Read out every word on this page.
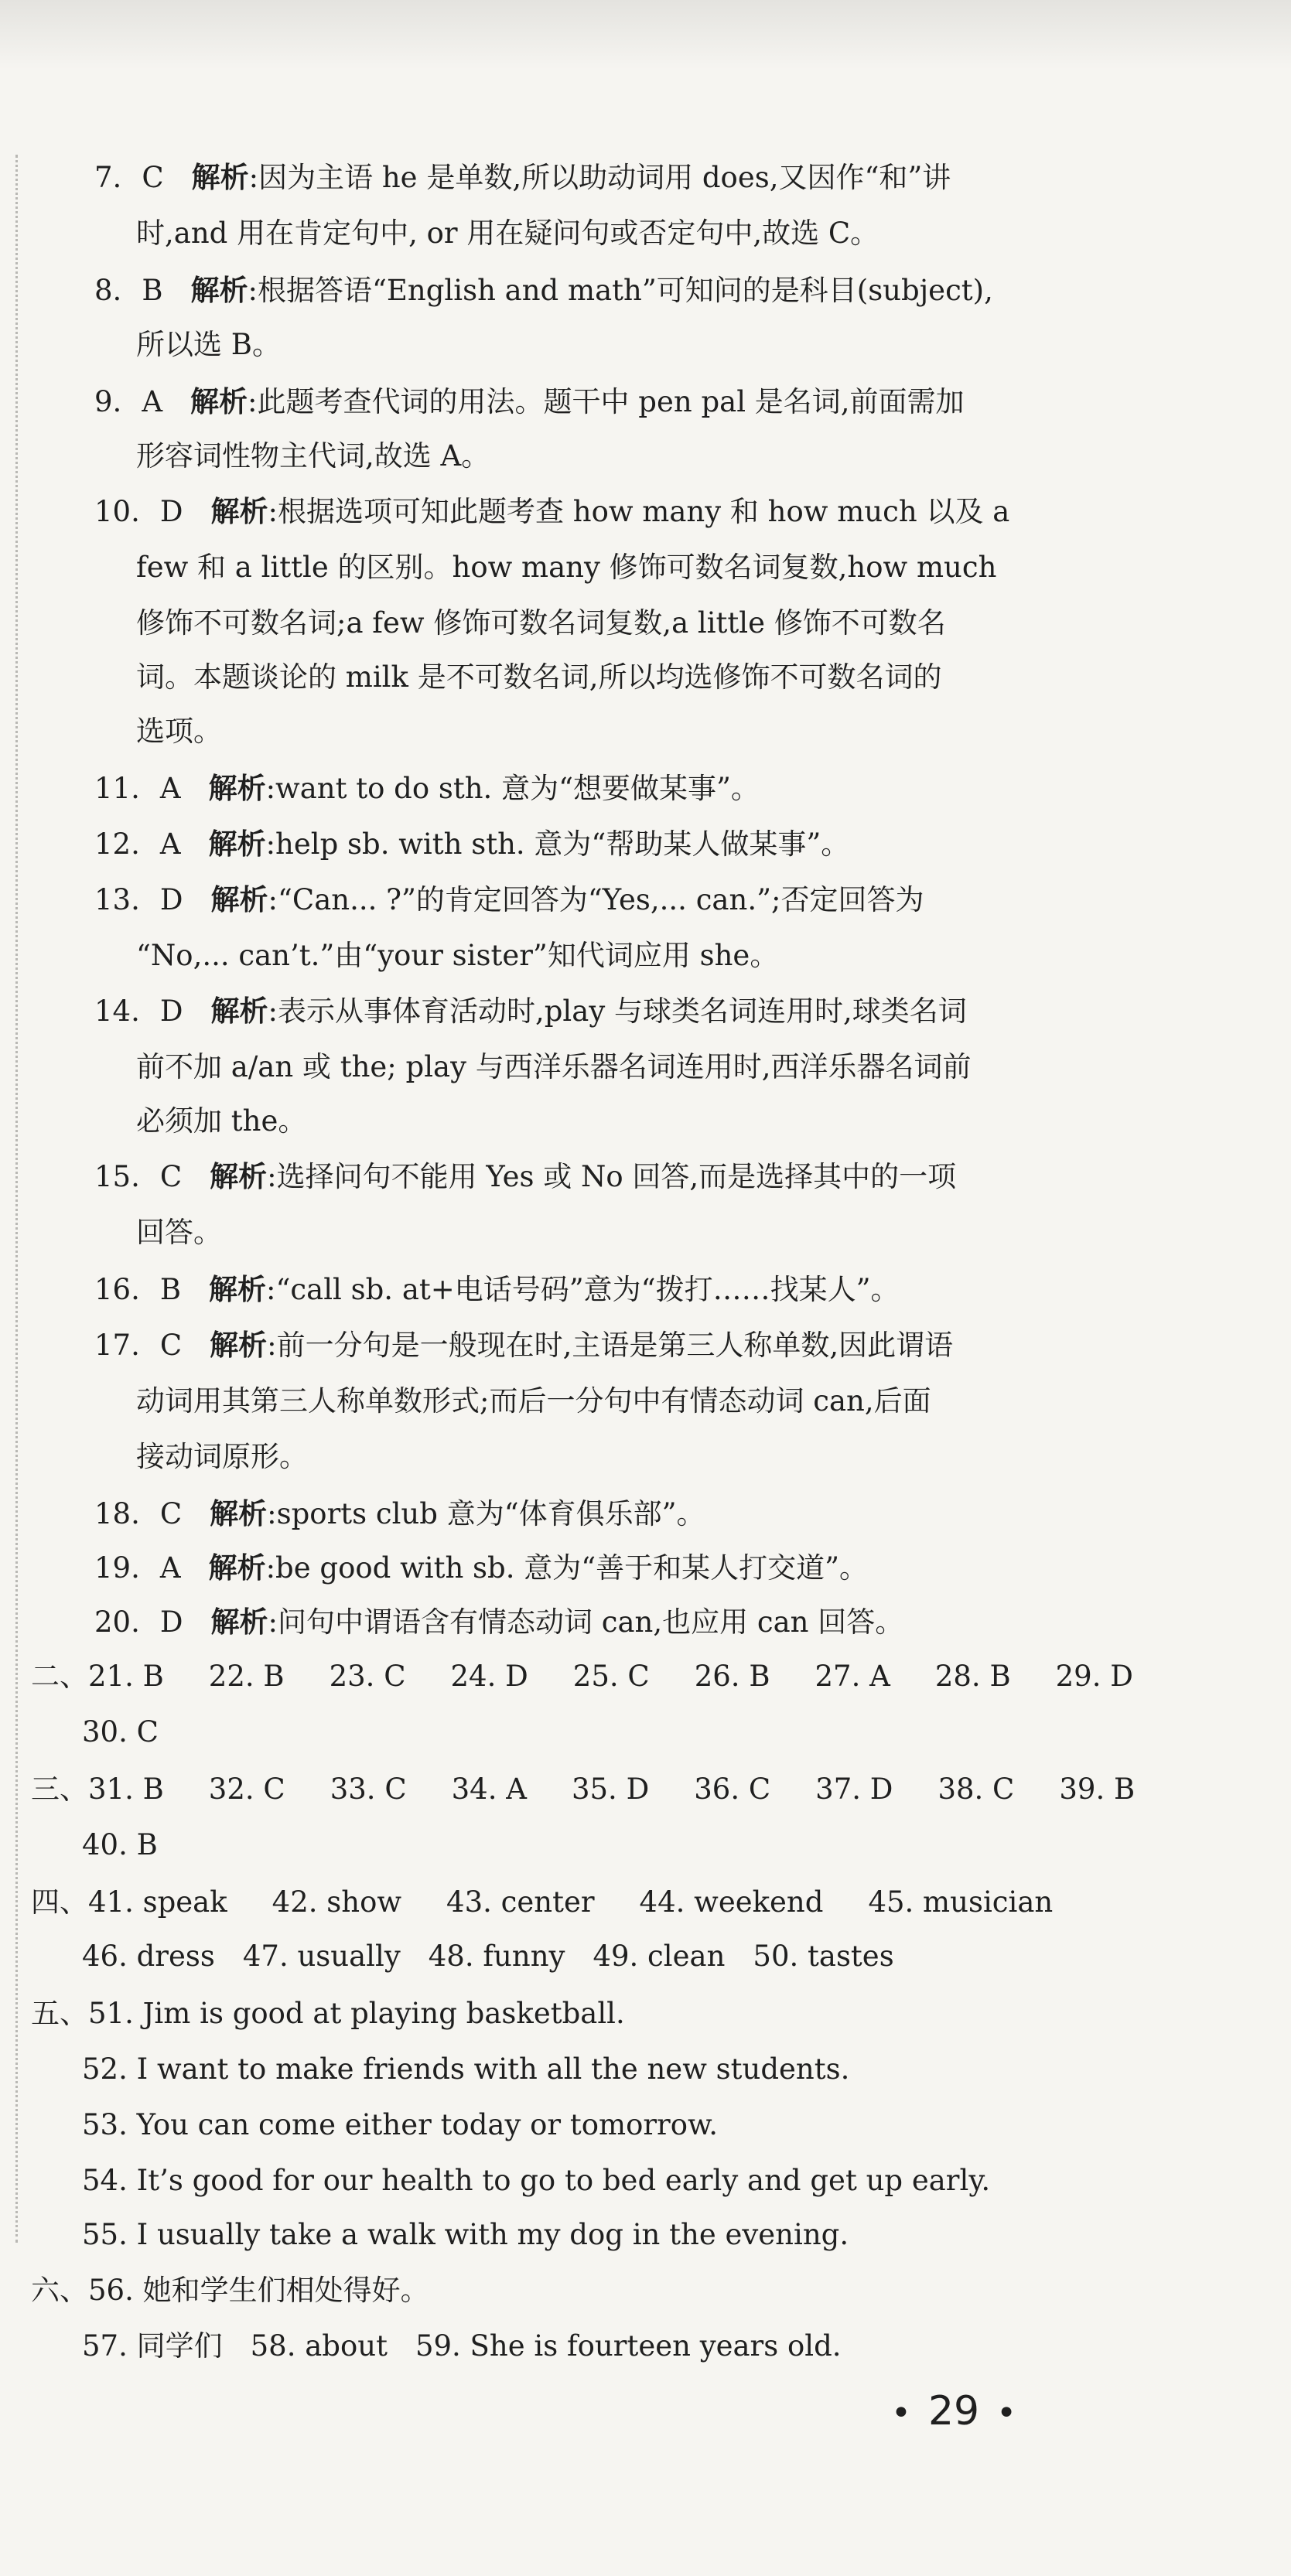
7. C 解析:因为主语 he 是单数,所以助动词用 does,又因作“和”讲
时,and 用在肯定句中, or 用在疑问句或否定句中,故选 C。
8. B 解析:根据答语“English and math”可知问的是科目(subject),
所以选 B。
9. A 解析:此题考查代词的用法。题干中 pen pal 是名词,前面需加
形容词性物主代词,故选 A。
10. D 解析:根据选项可知此题考查 how many 和 how much 以及 a
few 和 a little 的区别。how many 修饰可数名词复数,how much
修饰不可数名词;a few 修饰可数名词复数,a little 修饰不可数名
词。本题谈论的 milk 是不可数名词,所以均选修饰不可数名词的
选项。
11. A 解析:want to do sth. 意为“想要做某事”。
12. A 解析:help sb. with sth. 意为“帮助某人做某事”。
13. D 解析:“Can... ?”的肯定回答为“Yes,... can.”;否定回答为
“No,... can’t.”由“your sister”知代词应用 she。
14. D 解析:表示从事体育活动时,play 与球类名词连用时,球类名词
前不加 a/an 或 the; play 与西洋乐器名词连用时,西洋乐器名词前
必须加 the。
15. C 解析:选择问句不能用 Yes 或 No 回答,而是选择其中的一项
回答。
16. B 解析:“call sb. at+电话号码”意为“拨打……找某人”。
17. C 解析:前一分句是一般现在时,主语是第三人称单数,因此谓语
动词用其第三人称单数形式;而后一分句中有情态动词 can,后面
接动词原形。
18. C 解析:sports club 意为“体育俱乐部”。
19. A 解析:be good with sb. 意为“善于和某人打交道”。
20. D 解析:问句中谓语含有情态动词 can,也应用 can 回答。
二、21. B 22. B 23. C 24. D 25. C 26. B 27. A 28. B 29. D
30. C
三、31. B 32. C 33. C 34. A 35. D 36. C 37. D 38. C 39. B
40. B
四、41. speak 42. show 43. center 44. weekend 45. musician
46. dress 47. usually 48. funny 49. clean 50. tastes
五、51. Jim is good at playing basketball.
52. I want to make friends with all the new students.
53. You can come either today or tomorrow.
54. It’s good for our health to go to bed early and get up early.
55. I usually take a walk with my dog in the evening.
六、56. 她和学生们相处得好。
57. 同学们 58. about 59. She is fourteen years old.
• 29 •
